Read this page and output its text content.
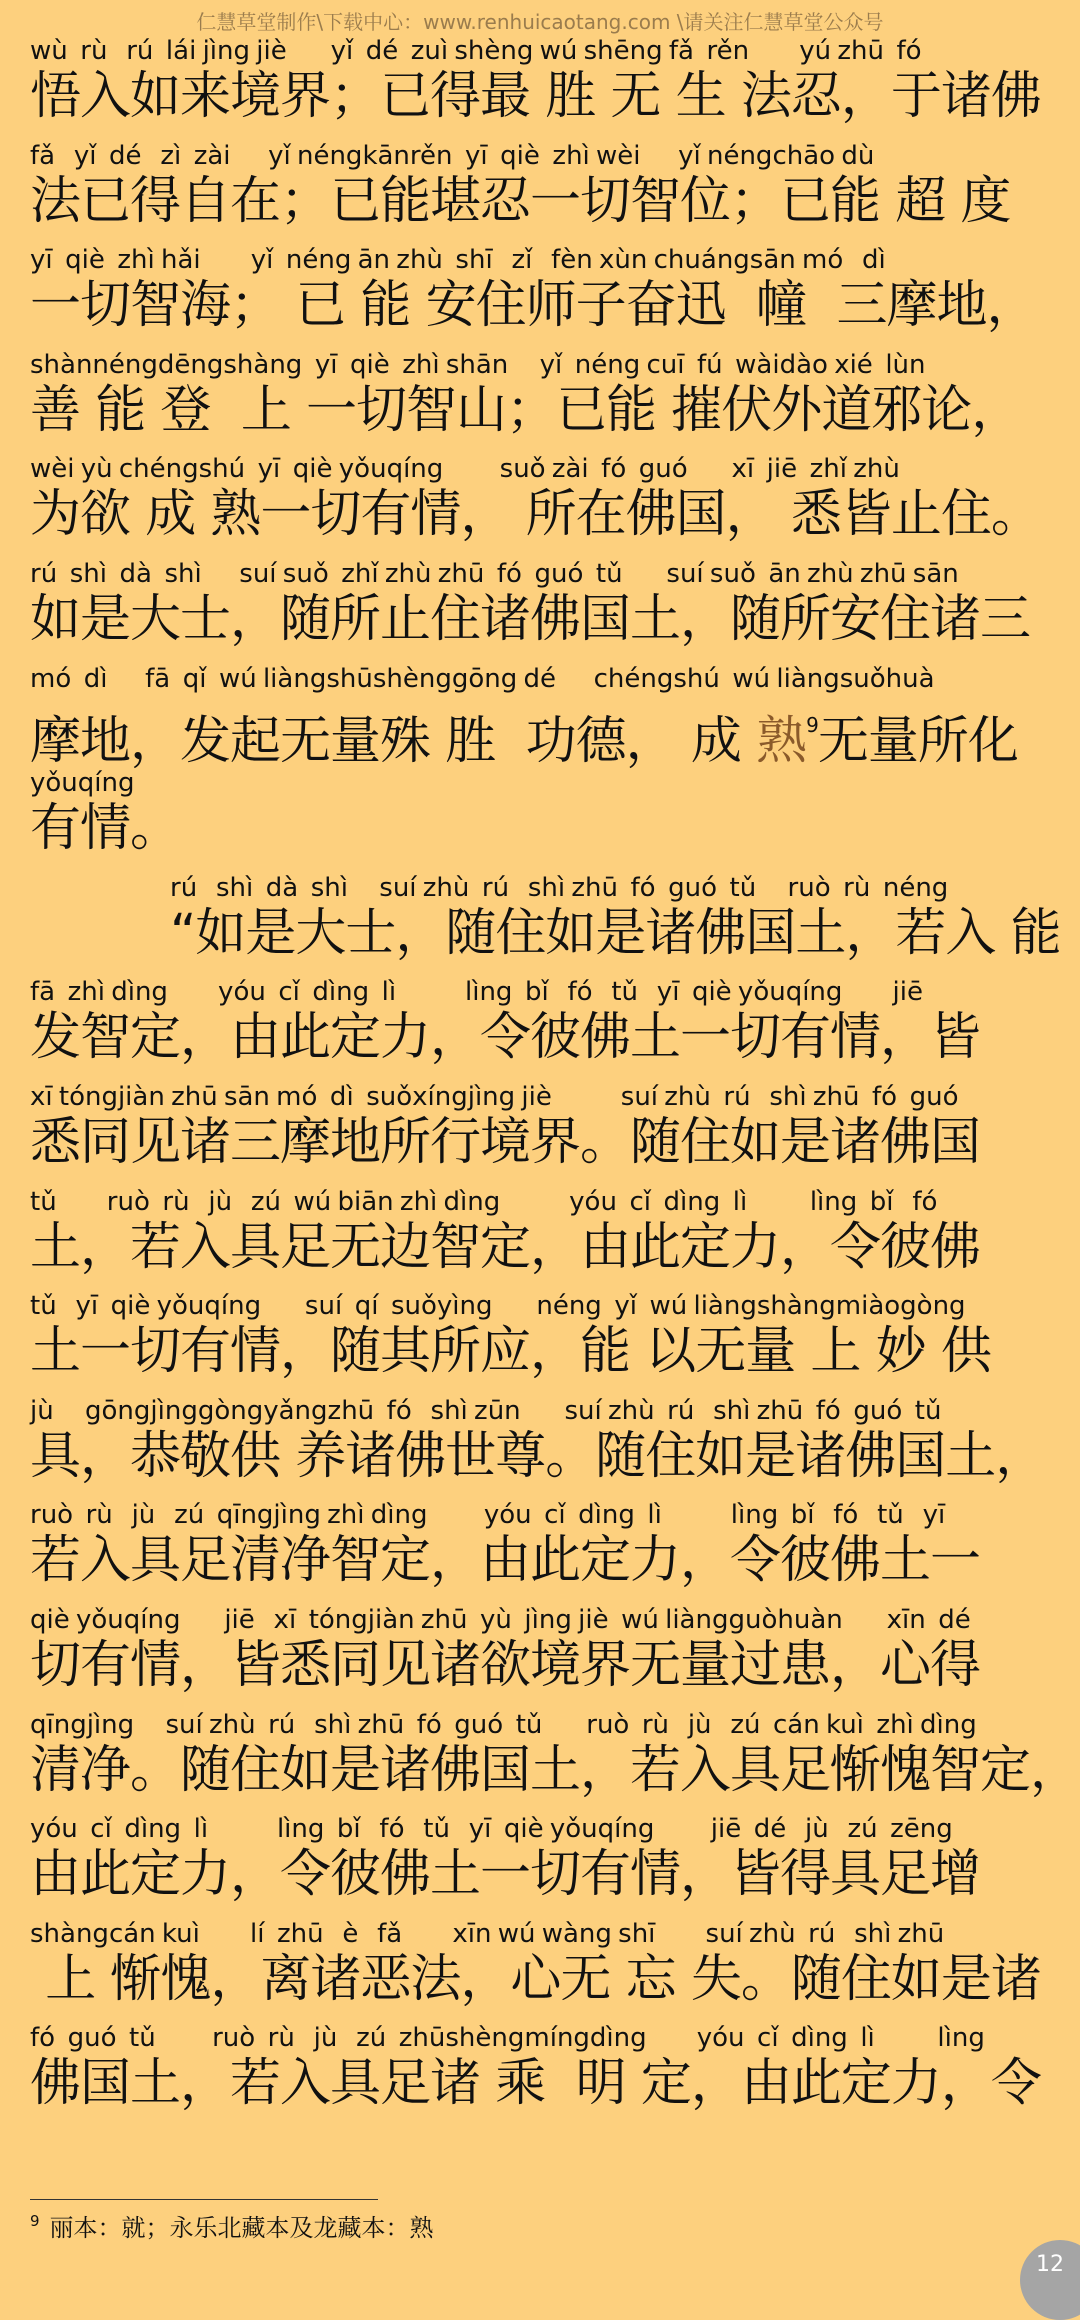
仁慧草堂制作\下载中心：www.renhuicaotang.com \请关注仁慧草堂公众号
wù  rù   rú  lái jìng jiè       yǐ  dé  zuì shèng wú shēng fǎ  rěn        yú zhū  fó
悟入如来境界；已得最 胜 无 生 法忍，于诸佛
fǎ   yǐ  dé   zì  zài      yǐ néngkānrěn  yī  qiè  zhì wèi      yǐ néngchāo dù
法已得自在；已能堪忍一切智位；已能 超 度
yī  qiè  zhì hǎi        yǐ  néng ān zhù  shī   zǐ   fèn xùn chuángsān mó   dì
一切智海； 已 能 安住师子奋迅  幢  三摩地，
shànnéngdēngshàng  yī  qiè  zhì shān     yǐ  néng cuī  fú  wàidào xié  lùn
善 能 登  上 一切智山；已能 摧伏外道邪论，
wèi yù chéngshú  yī  qiè yǒuqíng         suǒ zài  fó  guó       xī  jiē  zhǐ zhù
为欲 成 熟一切有情， 所在佛国， 悉皆止住。
rú  shì  dà  shì      suí suǒ  zhǐ zhù zhū  fó  guó  tǔ       suí suǒ  ān zhù zhū sān
如是大士，随所止住诸佛国土，随所安住诸三
mó  dì      fā  qǐ  wú liàngshūshènggōng dé      chéngshú  wú liàngsuǒhuà
摩地，发起无量殊 胜  功德， 成 熟$^9$无量所化
yǒuqíng
有情。
rú   shì  dà  shì     suí zhù  rú   shì zhū  fó  guó  tǔ     ruò  rù  néng
“如是大士，随住如是诸佛国土，若入 能
fā  zhì dìng        yóu  cǐ  dìng  lì           lìng  bǐ   fó   tǔ   yī  qiè yǒuqíng        jiē
发智定，由此定力，令彼佛土一切有情，皆
xī tóngjiàn zhū sān mó  dì  suǒxíngjìng jiè           suí zhù  rú   shì zhū  fó  guó
悉同见诸三摩地所行境界。随住如是诸佛国
tǔ        ruò  rù   jù   zú  wú biān zhì dìng           yóu  cǐ  dìng  lì          lìng  bǐ   fó
土，若入具足无边智定，由此定力，令彼佛
tǔ   yī  qiè yǒuqíng       suí  qí  suǒyìng       néng  yǐ  wú liàngshàngmiàogòng
土一切有情，随其所应，能 以无量 上 妙 供
jù     gōngjìnggòngyǎngzhū  fó   shì zūn       suí zhù  rú   shì zhū  fó  guó  tǔ
具，恭敬供 养诸佛世尊。随住如是诸佛国土，
ruò  rù   jù   zú  qīngjìng zhì dìng         yóu  cǐ  dìng  lì           lìng  bǐ   fó   tǔ   yī
若入具足清净智定，由此定力，令彼佛土一
qiè yǒuqíng       jiē   xī  tóngjiàn zhū  yù  jìng jiè  wú liàngguòhuàn       xīn  dé
切有情，皆悉同见诸欲境界无量过患，心得
qīngjìng     suí zhù  rú   shì zhū  fó  guó  tǔ       ruò  rù   jù   zú  cán kuì  zhì dìng
清净。随住如是诸佛国土，若入具足惭愧智定，
yóu  cǐ  dìng  lì           lìng  bǐ   fó   tǔ   yī  qiè yǒuqíng         jiē  dé   jù   zú  zēng
由此定力，令彼佛土一切有情，皆得具足增
shàngcán kuì        lí  zhū   è   fǎ        xīn wú wàng shī        suí zhù  rú   shì zhū
上 惭愧，离诸恶法，心无 忘 失。随住如是诸
fó  guó  tǔ         ruò  rù   jù   zú  zhūshèngmíngdìng        yóu  cǐ  dìng  lì          lìng
佛国土，若入具足诸 乘  明 定，由此定力，令
$^9$ 丽本：就；永乐北藏本及龙藏本：熟
12
